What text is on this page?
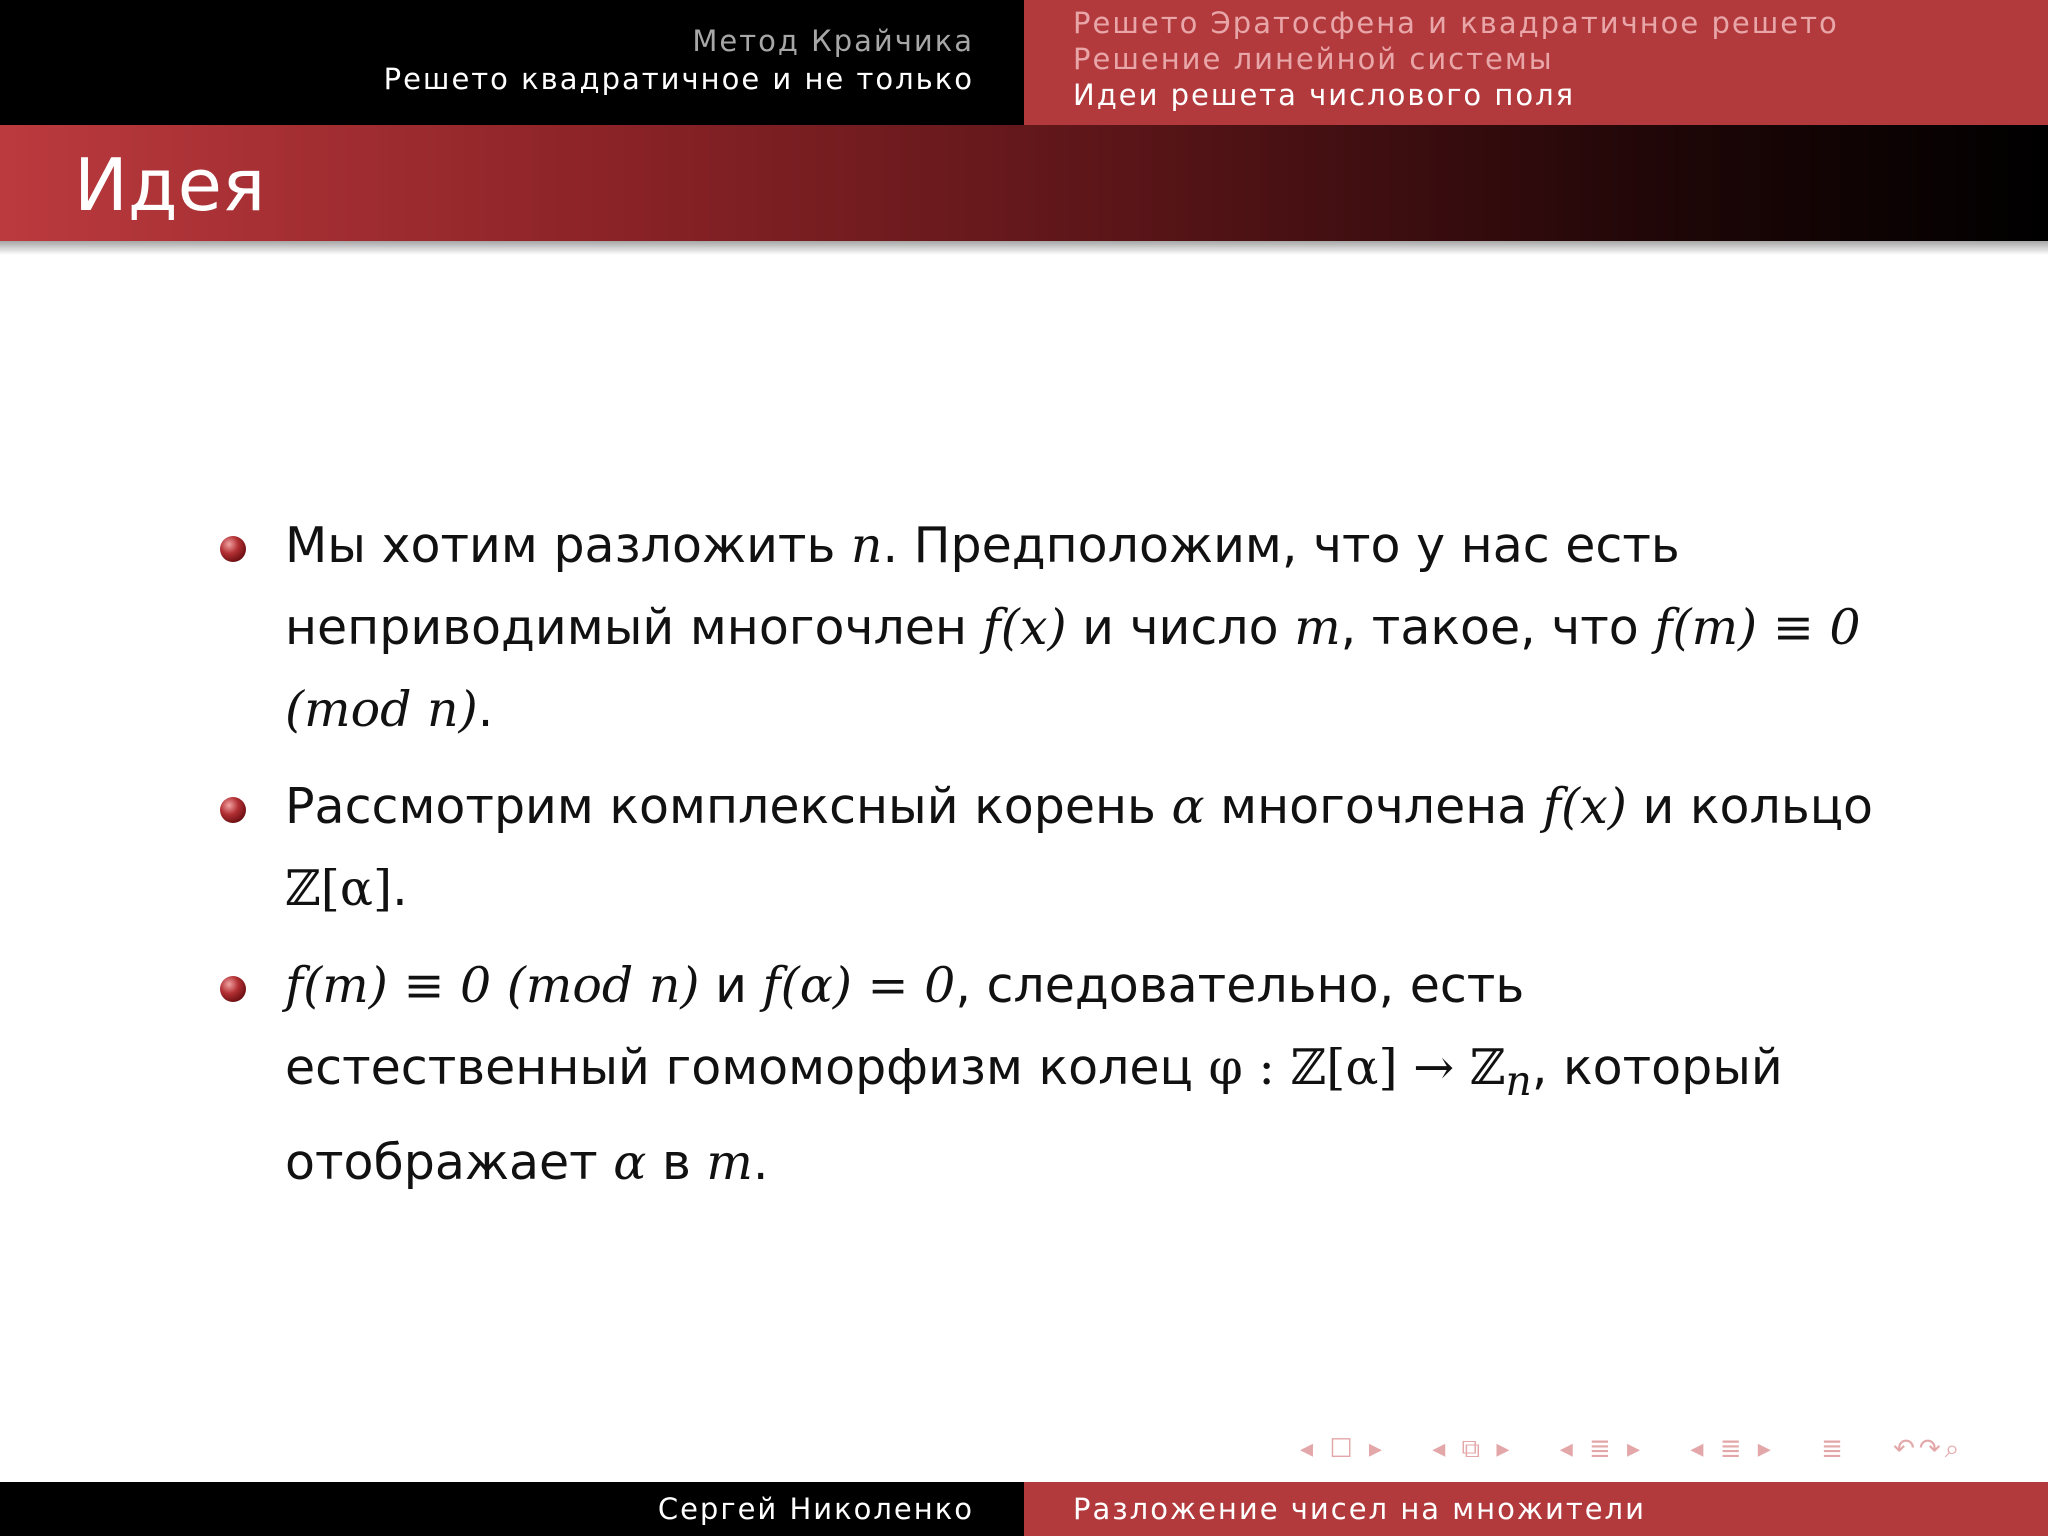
Метод Крайчика
Решето квадратичное и не только
Решето Эратосфена и квадратичное решето
Решение линейной системы
Идеи решета числового поля
Идея
Мы хотим разложить n. Предположим, что у нас есть неприводимый многочлен f(x) и число m, такое, что f(m) ≡ 0 (mod n).
Рассмотрим комплексный корень α многочлена f(x) и кольцо ℤ[α].
f(m) ≡ 0 (mod n) и f(α) = 0, следовательно, есть естественный гомоморфизм колец φ : ℤ[α] → ℤ$_n$, который отображает α в m.
◂ ☐ ▸ ◂ ⧉ ▸ ◂ ≣ ▸ ◂ ≣ ▸ ≣ ↶↷⌕
Сергей Николенко	Разложение чисел на множители
